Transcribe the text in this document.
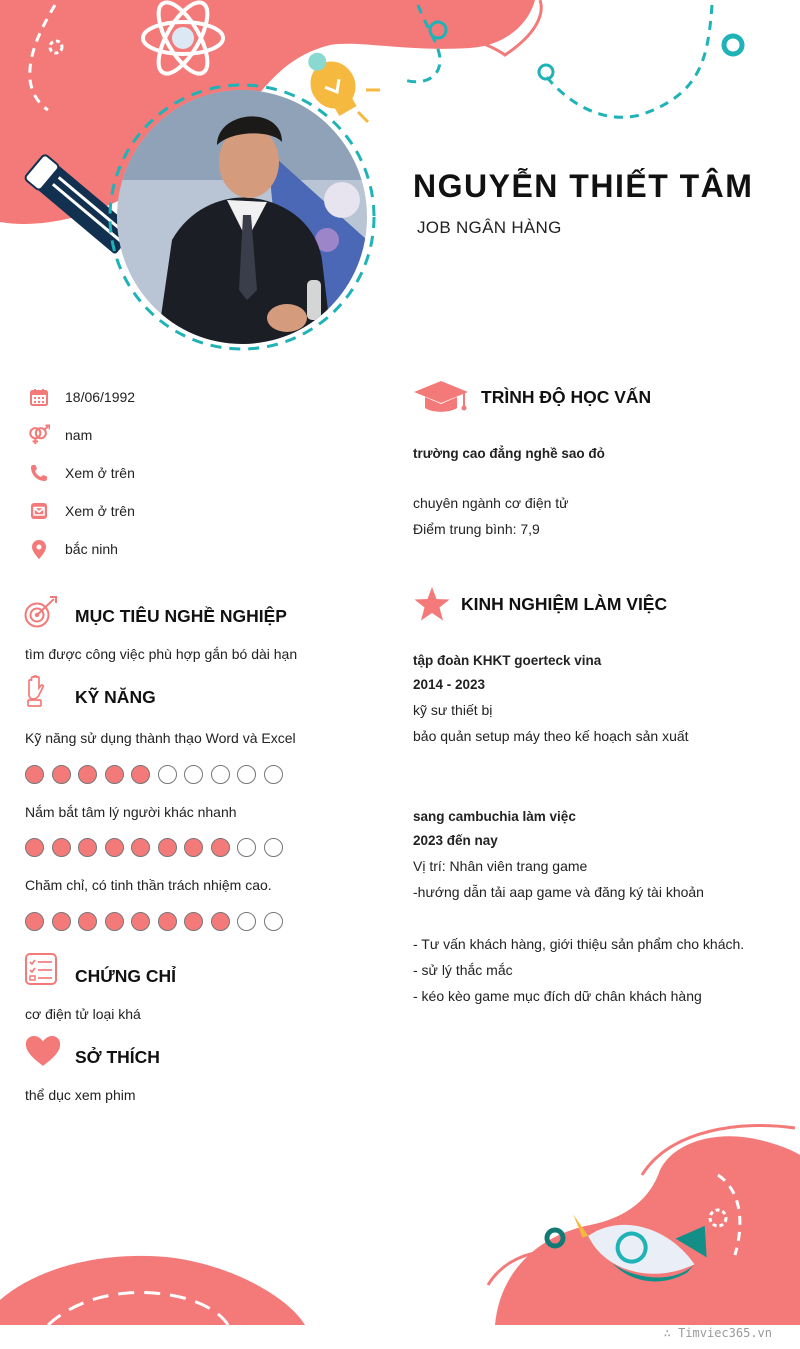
NGUYỄN THIẾT TÂM
JOB NGÂN HÀNG
18/06/1992
nam
Xem ở trên
Xem ở trên
bắc ninh
MỤC TIÊU NGHỀ NGHIỆP
tìm được công việc phù hợp gắn bó dài hạn
KỸ NĂNG
Kỹ năng sử dụng thành thạo Word và Excel
Nắm bắt tâm lý người khác nhanh
Chăm chỉ, có tinh thần trách nhiệm cao.
CHỨNG CHỈ
cơ điện tử loại khá
SỞ THÍCH
thể dục xem phim
TRÌNH ĐỘ HỌC VẤN
trường cao đẳng nghề sao đỏ
chuyên ngành cơ điện tử
Điểm trung bình: 7,9
KINH NGHIỆM LÀM VIỆC
tập đoàn KHKT goerteck vina
2014 - 2023
kỹ sư thiết bị
bảo quản setup máy theo kế hoạch sản xuất
sang cambuchia làm việc
2023 đến nay
Vị trí: Nhân viên trang game
-hướng dẫn tải aap game và đăng ký tài khoản
- Tư vấn khách hàng, giới thiệu sản phẩm cho khách.
- sử lý thắc mắc
- kéo kèo game mục đích dữ chân khách hàng
∴ Timviec365.vn
